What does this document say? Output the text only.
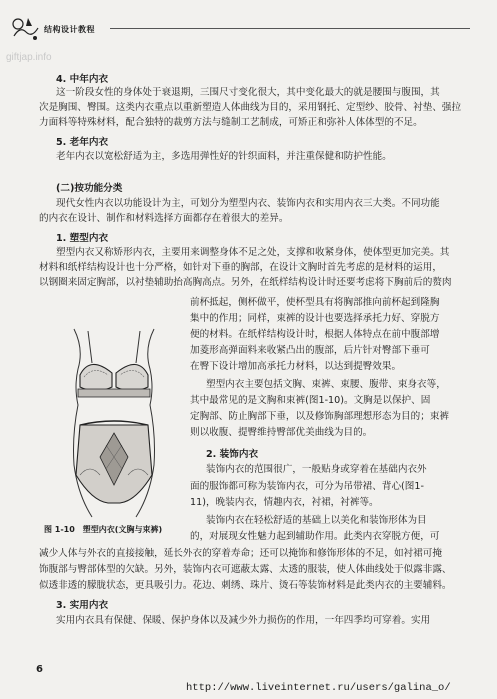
结构设计教程
giftjap.info
4. 中年内衣
这一阶段女性的身体处于衰退期，三围尺寸变化很大，其中变化最大的就是腰围与腹围，其
次是胸围、臀围。这类内衣重点以重新塑造人体曲线为目的，采用钢托、定型纱、胶骨、衬垫、强拉
力面料等特殊材料，配合独特的裁剪方法与缝制工艺制成，可矫正和弥补人体体型的不足。
5. 老年内衣
老年内衣以宽松舒适为主，多选用弹性好的针织面料，并注重保健和防护性能。
(二)按功能分类
现代女性内衣以功能设计为主，可划分为塑型内衣、装饰内衣和实用内衣三大类。不同功能
的内衣在设计、制作和材料选择方面都存在着很大的差异。
1. 塑型内衣
塑型内衣又称矫形内衣，主要用来调整身体不足之处，支撑和收紧身体，使体型更加完美。其
材料和纸样结构设计也十分严格，如针对下垂的胸部，在设计文胸时首先考虑的是材料的运用，
以钢圈来固定胸部，以衬垫辅助抬高胸高点。另外，在纸样结构设计时还要考虑将下胸前后的赘肉
前杯抵起，侧杯做平，使杯型具有将胸部推向前杯起到隆胸
集中的作用；同样，束裤的设计也要选择承托力好、穿脱方
便的材料。在纸样结构设计时，根据人体特点在前中腹部增
加菱形高弹面料来收紧凸出的腹部，后片针对臀部下垂可
在臀下设计增加高承托力材料，以达到提臀效果。
塑型内衣主要包括文胸、束裤、束腰、腹带、束身衣等，
其中最常见的是文胸和束裤(图1-10)。文胸是以保护、固
定胸部、防止胸部下垂，以及修饰胸部理想形态为目的；束裤
则以收腹、提臀维持臀部优美曲线为目的。
2. 装饰内衣
装饰内衣的范围很广，一般贴身或穿着在基础内衣外
面的服饰都可称为装饰内衣，可分为吊带裙、背心(图1-
11)，晚装内衣，情趣内衣，衬裙，衬裤等。
装饰内衣在轻松舒适的基础上以美化和装饰形体为目
的，对展现女性魅力起到辅助作用。此类内衣穿脱方便，可
减少人体与外衣的直接接触，延长外衣的穿着寿命；还可以掩饰和修饰形体的不足，如衬裙可掩
饰腹部与臀部体型的欠缺。另外，装饰内衣可遮蔽太露、太透的服装，使人体曲线处于似露非露、
似透非透的朦胧状态，更具吸引力。花边、刺绣、珠片、烫石等装饰材料是此类内衣的主要辅料。
3. 实用内衣
实用内衣具有保健、保暖、保护身体以及减少外力损伤的作用，一年四季均可穿着。实用
图 1-10　塑型内衣(文胸与束裤)
6
http://www.liveinternet.ru/users/galina_o/
